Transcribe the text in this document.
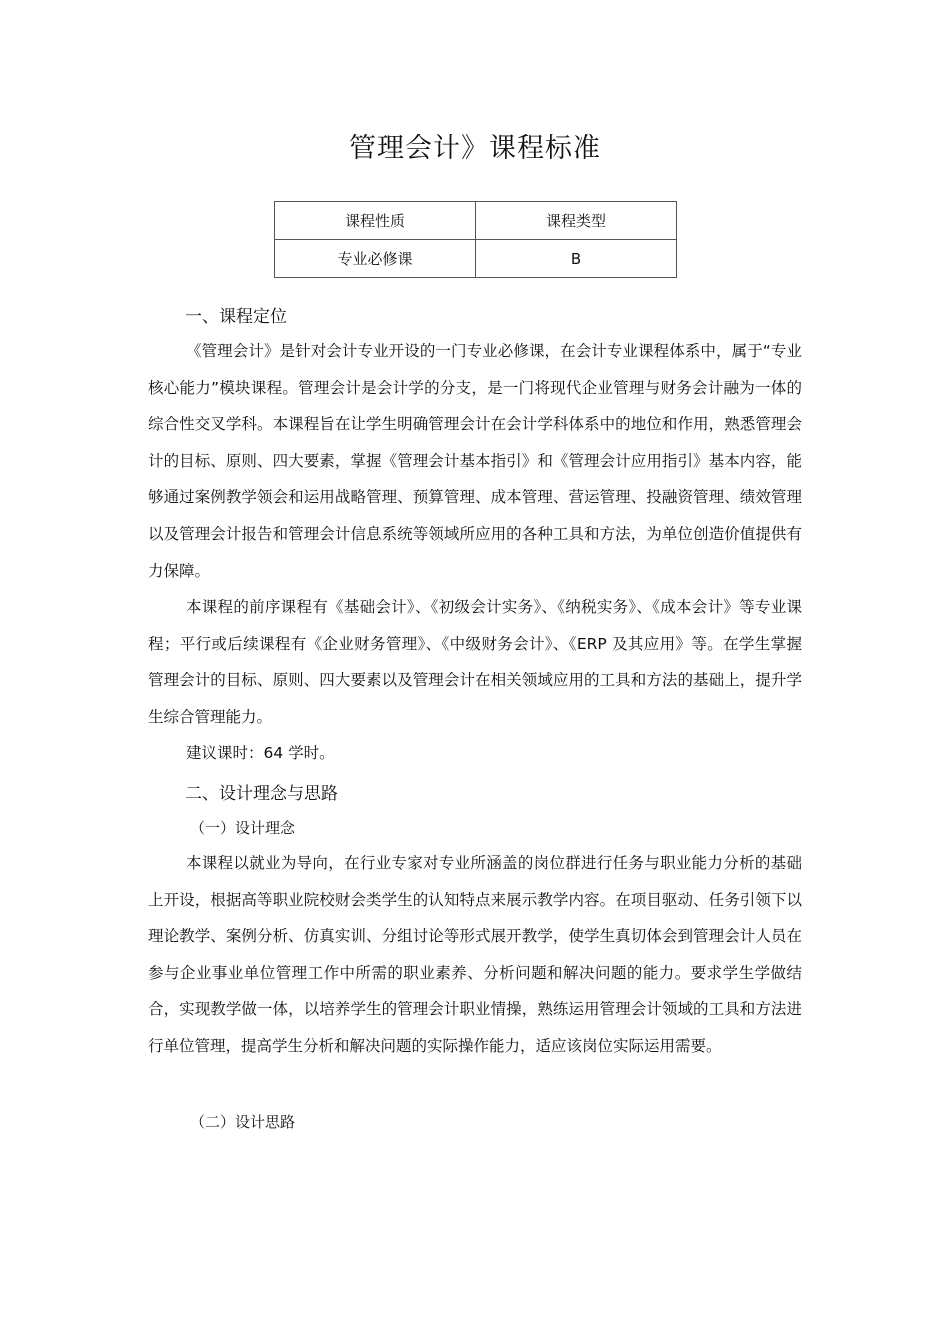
管理会计》课程标准
课程性质	课程类型
专业必修课	B
一、课程定位

《管理会计》是针对会计专业开设的一门专业必修课，在会计专业课程体系中，属于“专业核心能力”模块课程。管理会计是会计学的分支，是一门将现代企业管理与财务会计融为一体的综合性交叉学科。本课程旨在让学生明确管理会计在会计学科体系中的地位和作用，熟悉管理会计的目标、原则、四大要素，掌握《管理会计基本指引》和《管理会计应用指引》基本内容，能够通过案例教学领会和运用战略管理、预算管理、成本管理、营运管理、投融资管理、绩效管理以及管理会计报告和管理会计信息系统等领域所应用的各种工具和方法，为单位创造价值提供有力保障。

本课程的前序课程有《基础会计》、《初级会计实务》、《纳税实务》、《成本会计》等专业课程；平行或后续课程有《企业财务管理》、《中级财务会计》、《ERP 及其应用》等。在学生掌握管理会计的目标、原则、四大要素以及管理会计在相关领域应用的工具和方法的基础上，提升学生综合管理能力。

建议课时：64 学时。

二、设计理念与思路
（一）设计理念

本课程以就业为导向，在行业专家对专业所涵盖的岗位群进行任务与职业能力分析的基础上开设，根据高等职业院校财会类学生的认知特点来展示教学内容。在项目驱动、任务引领下以理论教学、案例分析、仿真实训、分组讨论等形式展开教学，使学生真切体会到管理会计人员在参与企业事业单位管理工作中所需的职业素养、分析问题和解决问题的能力。要求学生学做结合，实现教学做一体，以培养学生的管理会计职业情操，熟练运用管理会计领域的工具和方法进行单位管理，提高学生分析和解决问题的实际操作能力，适应该岗位实际运用需要。

（二）设计思路
